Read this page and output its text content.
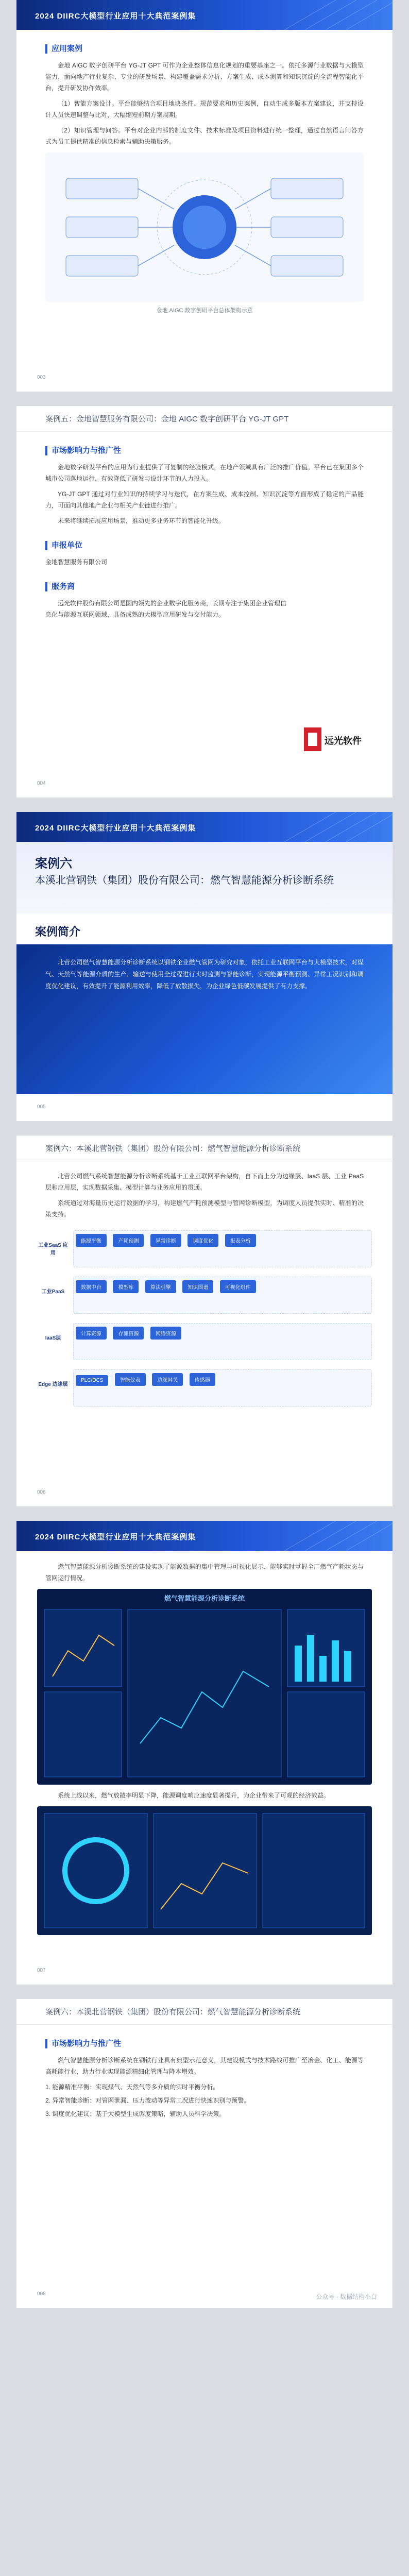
2024 DIIRC大模型行业应用十大典范案例集
应用案例

金地 AIGC 数字创研平台 YG-JT GPT 可作为企业整体信息化规划的重要基座之一。依托多源行业数据与大模型能力，面向地产行业复杂、专业的研发场景，构建覆盖需求分析、方案生成、成本测算和知识沉淀的全流程智能化平台，提升研发协作效率。

（1）智能方案设计。平台能够结合项目地块条件、规范要求和历史案例，自动生成多版本方案建议，并支持设计人员快速调整与比对，大幅缩短前期方案周期。

（2）知识管理与问答。平台对企业内部的制度文件、技术标准及项目资料进行统一整理，通过自然语言问答方式为员工提供精准的信息检索与辅助决策服务。

金地 AIGC 数字创研平台总体架构示意
003
案例五：金地智慧服务有限公司：金地 AIGC 数字创研平台 YG-JT GPT
市场影响力与推广性

金地数字研发平台的应用为行业提供了可复制的经验模式，在地产领域具有广泛的推广价值。平台已在集团多个城市公司落地运行，有效降低了研发与设计环节的人力投入。

YG-JT GPT 通过对行业知识的持续学习与迭代，在方案生成、成本控制、知识沉淀等方面形成了稳定的产品能力，可面向其他地产企业与相关产业链进行推广。

未来将继续拓展应用场景，推动更多业务环节的智能化升级。

申报单位

金地智慧服务有限公司

服务商

远光软件股份有限公司是国内领先的企业数字化服务商，长期专注于集团企业管理信息化与能源互联网领域，具备成熟的大模型应用研发与交付能力。

远光软件
004
2024 DIIRC大模型行业应用十大典范案例集
案例六
本溪北营钢铁（集团）股份有限公司：燃气智慧能源分析诊断系统
案例简介
北营公司燃气智慧能源分析诊断系统以钢铁企业燃气管网为研究对象，依托工业互联网平台与大模型技术，对煤气、天然气等能源介质的生产、输送与使用全过程进行实时监测与智能诊断，实现能源平衡预测、异常工况识别和调度优化建议，有效提升了能源利用效率，降低了放散损失，为企业绿色低碳发展提供了有力支撑。
005
案例六：本溪北营钢铁（集团）股份有限公司：燃气智慧能源分析诊断系统

北营公司燃气系统智慧能源分析诊断系统基于工业互联网平台架构，自下而上分为边缘层、IaaS 层、工业 PaaS 层和应用层，实现数据采集、模型计算与业务应用的贯通。

系统通过对海量历史运行数据的学习，构建燃气产耗预测模型与管网诊断模型，为调度人员提供实时、精准的决策支持。

工业SaaS 应用
能源平衡	产耗预测	异常诊断	调度优化	报表分析
工业PaaS
数据中台	模型库	算法引擎	知识图谱	可视化组件
IaaS层
计算资源	存储资源	网络资源
Edge 边缘层
PLC/DCS	智能仪表	边缘网关	传感器
006
2024 DIIRC大模型行业应用十大典范案例集

燃气智慧能源分析诊断系统的建设实现了能源数据的集中管理与可视化展示，能够实时掌握全厂燃气产耗状态与管网运行情况。

燃气智慧能源分析诊断系统

系统上线以来，燃气放散率明显下降，能源调度响应速度显著提升，为企业带来了可观的经济效益。

007
案例六：本溪北营钢铁（集团）股份有限公司：燃气智慧能源分析诊断系统
市场影响力与推广性

燃气智慧能源分析诊断系统在钢铁行业具有典型示范意义，其建设模式与技术路线可推广至冶金、化工、能源等高耗能行业，助力行业实现能源精细化管理与降本增效。

1. 能源精准平衡：实现煤气、天然气等多介质的实时平衡分析。

2. 异常智能诊断：对管网泄漏、压力波动等异常工况进行快速识别与预警。

3. 调度优化建议：基于大模型生成调度策略，辅助人员科学决策。

008	公众号 · 数据结构小白
